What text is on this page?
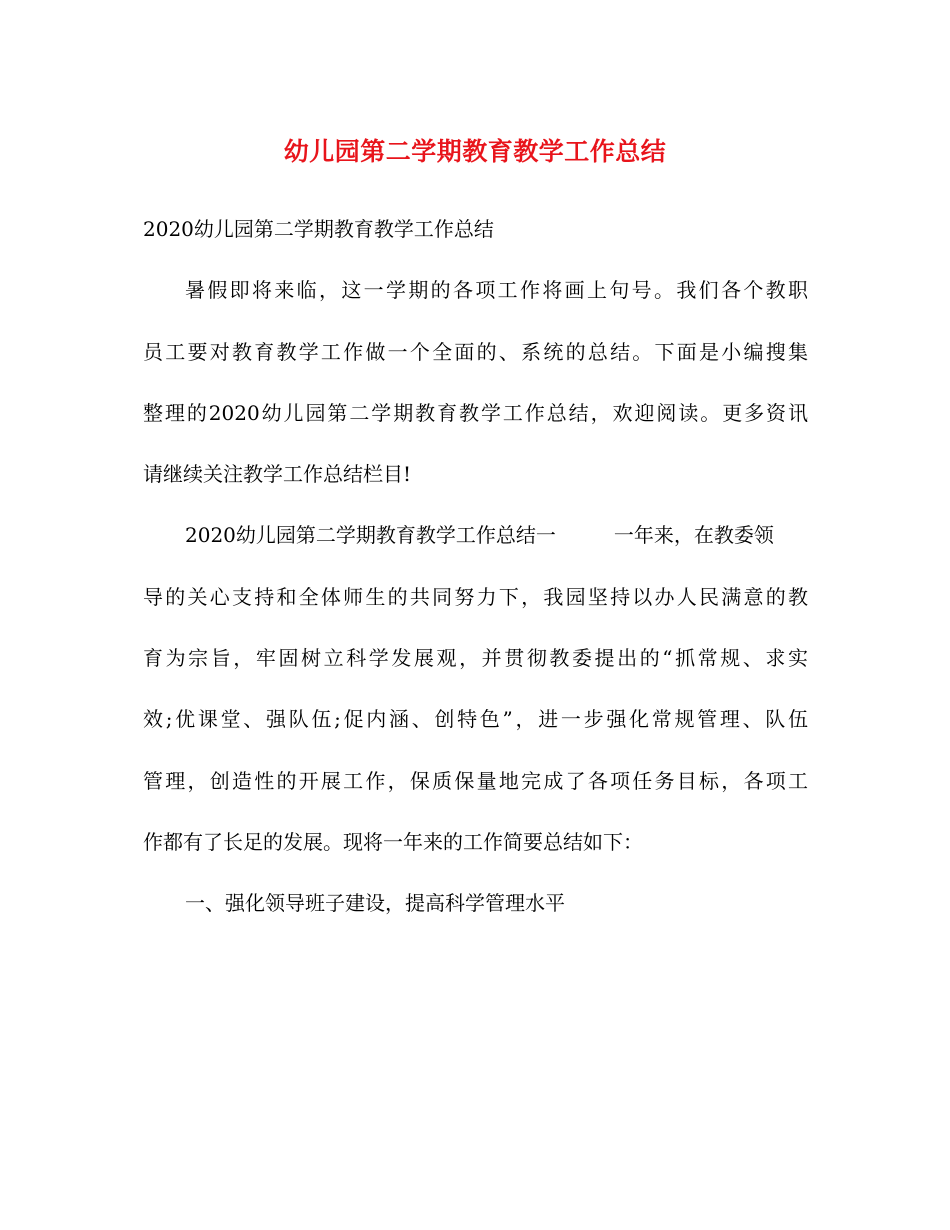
幼儿园第二学期教育教学工作总结
2020幼儿园第二学期教育教学工作总结
暑假即将来临，这一学期的各项工作将画上句号。我们各个教职
员工要对教育教学工作做一个全面的、系统的总结。下面是小编搜集
整理的2020幼儿园第二学期教育教学工作总结，欢迎阅读。更多资讯
请继续关注教学工作总结栏目!
2020幼儿园第二学期教育教学工作总结一	一年来，在教委领
导的关心支持和全体师生的共同努力下，我园坚持以办人民满意的教
育为宗旨，牢固树立科学发展观，并贯彻教委提出的“抓常规、求实
效;优课堂、强队伍;促内涵、创特色”，进一步强化常规管理、队伍
管理，创造性的开展工作，保质保量地完成了各项任务目标，各项工
作都有了长足的发展。现将一年来的工作简要总结如下：
一、强化领导班子建设，提高科学管理水平
